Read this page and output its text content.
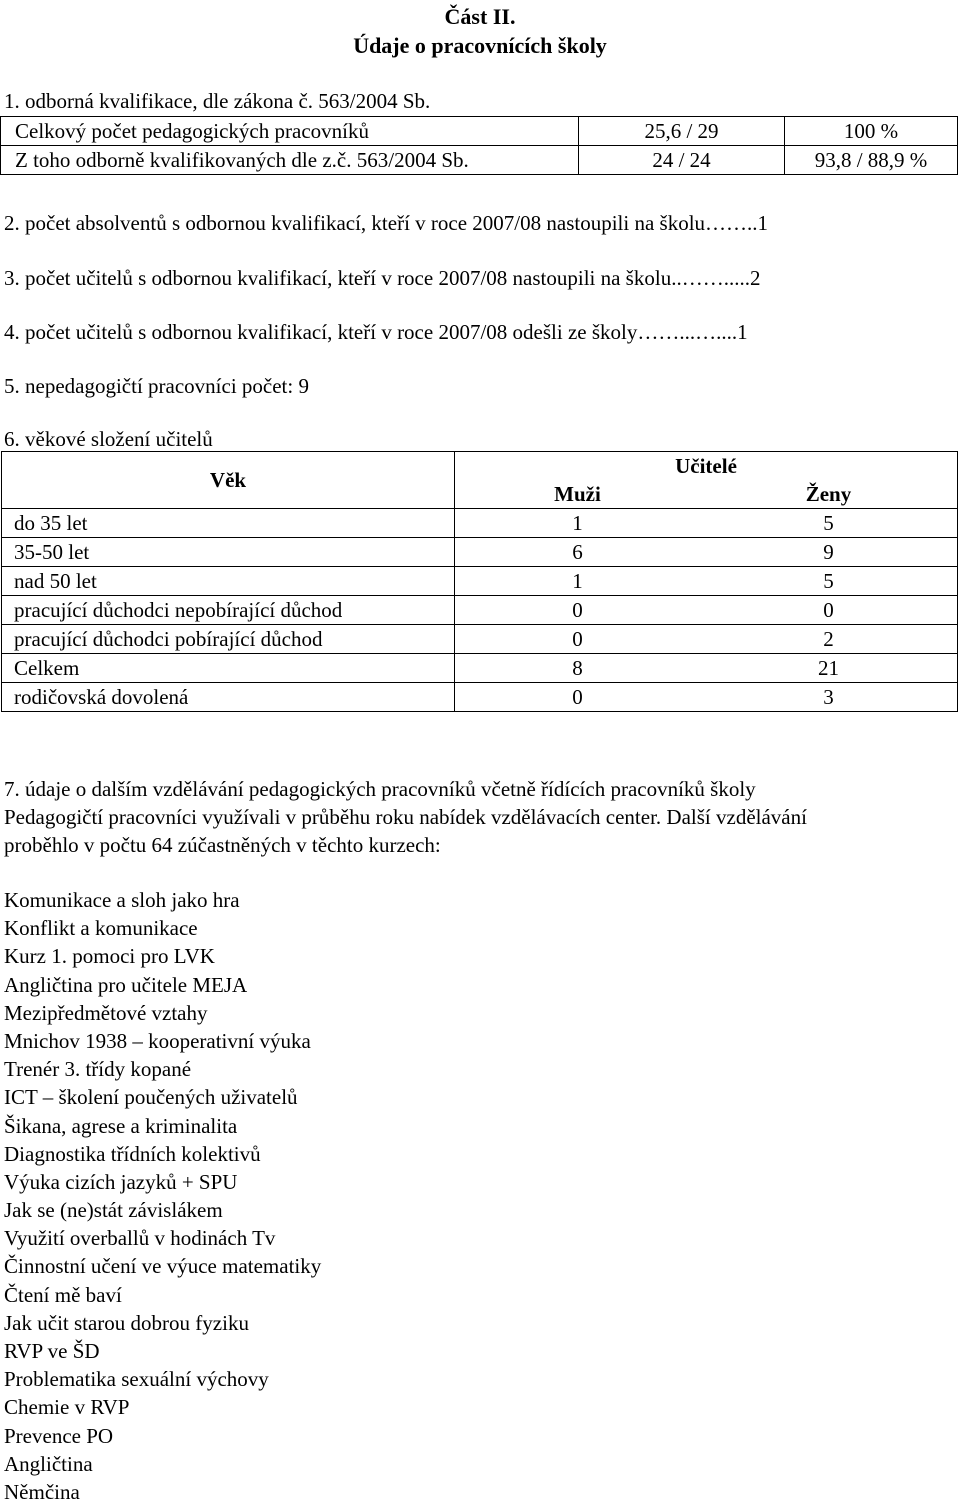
Část II.
Údaje o pracovnících školy
1. odborná kvalifikace, dle zákona č. 563/2004 Sb.
Celkový počet pedagogických pracovníků	25,6 / 29	100 %
Z toho odborně kvalifikovaných dle z.č. 563/2004 Sb.	24 / 24	93,8 / 88,9 %
2. počet absolventů s odbornou kvalifikací, kteří v roce 2007/08 nastoupili na školu……..1
3. počet učitelů s odbornou kvalifikací, kteří v roce 2007/08 nastoupili na školu..…….....2
4. počet učitelů s odbornou kvalifikací, kteří v roce 2007/08 odešli ze školy……...…....1
5. nepedagogičtí pracovníci počet: 9
6. věkové složení učitelů
Věk	Učitelé	
	Muži	Ženy
do 35 let	1	5
35-50 let	6	9
nad 50 let	1	5
pracující důchodci nepobírající důchod	0	0
pracující důchodci pobírající důchod	0	2
Celkem	8	21
rodičovská dovolená	0	3
7. údaje o dalším vzdělávání pedagogických pracovníků včetně řídících pracovníků školy
Pedagogičtí pracovníci využívali v průběhu roku nabídek vzdělávacích center. Další vzdělávání
proběhlo v počtu 64 zúčastněných v těchto kurzech:
Komunikace a sloh jako hra
Konflikt a komunikace
Kurz 1. pomoci pro LVK
Angličtina pro učitele MEJA
Mezipředmětové vztahy
Mnichov 1938 – kooperativní výuka
Trenér 3. třídy kopané
ICT – školení poučených uživatelů
Šikana, agrese a kriminalita
Diagnostika třídních kolektivů
Výuka cizích jazyků + SPU
Jak se (ne)stát závislákem
Využití overballů v hodinách Tv
Činnostní učení ve výuce matematiky
Čtení mě baví
Jak učit starou dobrou fyziku
RVP ve ŠD
Problematika sexuální výchovy
Chemie v RVP
Prevence PO
Angličtina
Němčina
